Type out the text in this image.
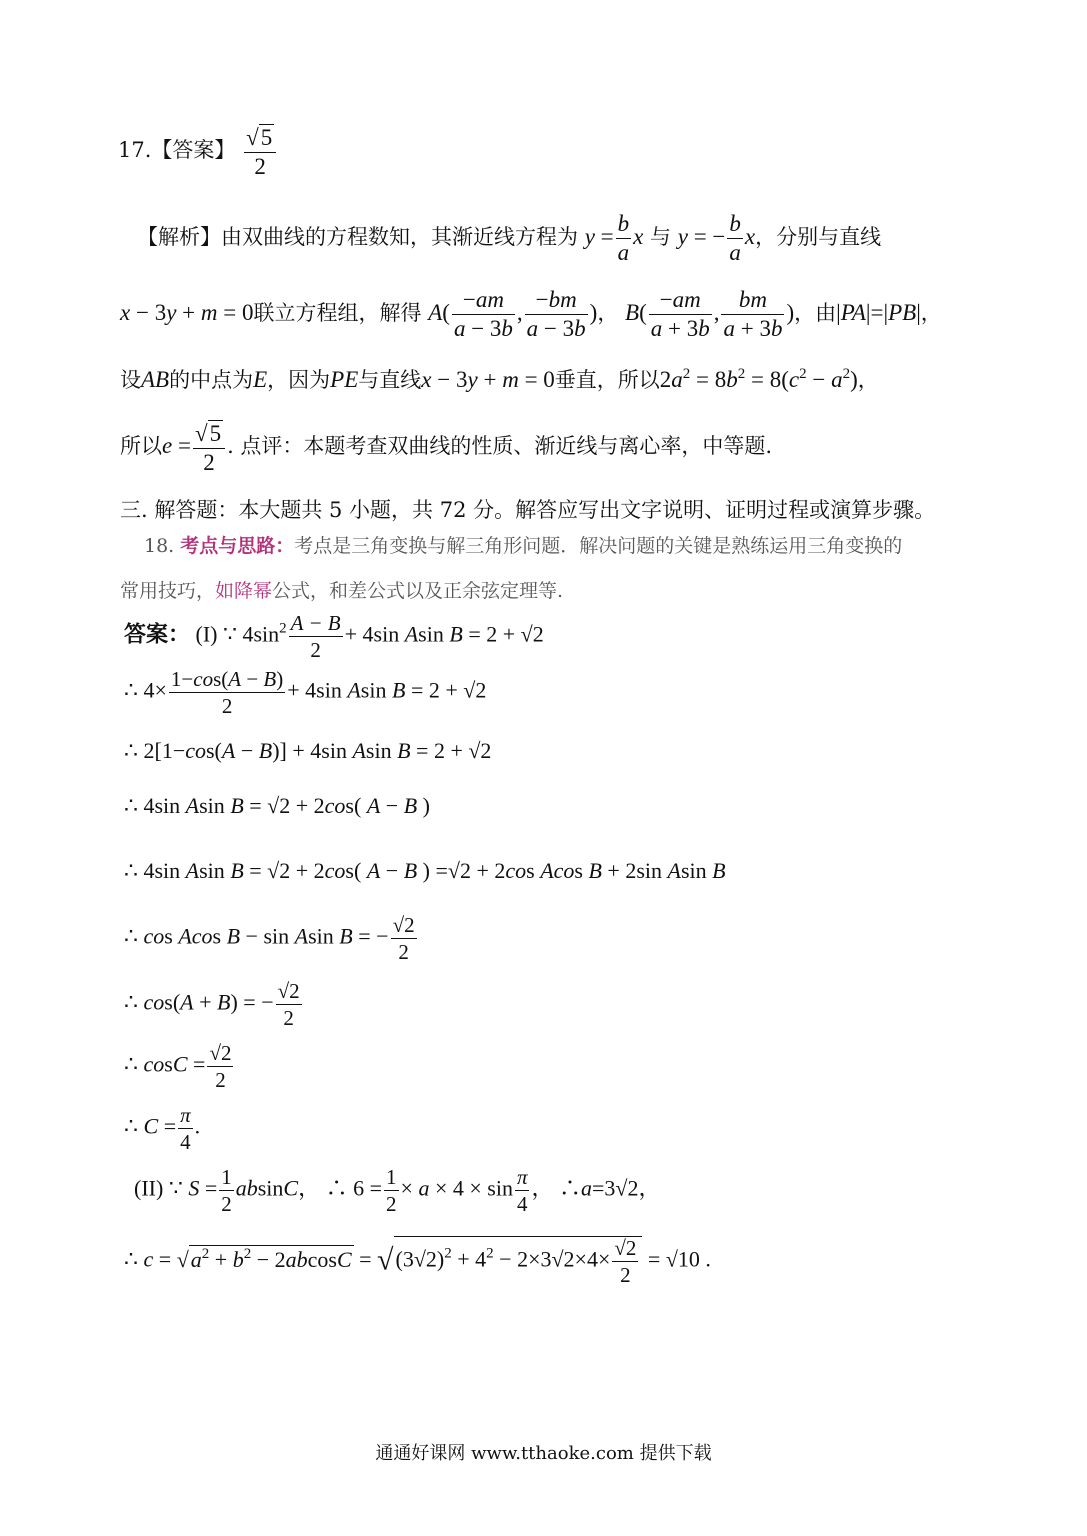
17.【答案】 $\frac{√5}{2}$
【解析】由双曲线的方程数知，其渐近线方程为 $y = \frac{b}{a}$ x 与 y = − $\frac{b}{a}$ x，分别与直线
x − 3y + m = 0联立方程组，解得 $A( \frac{-am}{a - 3b}$ , $\frac{-bm}{a - 3b}$ )， $B( \frac{-am}{a + 3b}$ , $\frac{bm}{a + 3b}$ )，由|PA|=|PB|，
设AB的中点为E，因为PE与直线x − 3y + m = 0垂直，所以$2a^2 = 8b^2 = 8(c^2 - a^2)$，
所以$e = \frac{√5}{2}$ . 点评：本题考查双曲线的性质、渐近线与离心率，中等题.
三. 解答题：本大题共 5 小题，共 72 分。解答应写出文字说明、证明过程或演算步骤。
18. 考点与思路：考点是三角变换与解三角形问题．解决问题的关键是熟练运用三角变换的
常用技巧，如降幂公式，和差公式以及正余弦定理等.
答案： (I) ∵ $4\sin^2 \frac{A - B}{2} + 4\sin$ Asin B = 2 + √2
∴ $4\times \frac{1-\cos(A - B)}{2} + 4\sin$ Asin B = 2 + √2
∴ 2[1−cos(A − B)] + 4sin Asin B = 2 + √2
∴ 4sin Asin B = √2 + 2cos( A − B )
∴ 4sin Asin B = √2 + 2cos( A − B ) =√2 + 2cos Acos B + 2sin Asin B
∴ cos Acos B − sin Asin B = − $\frac{√2}{2}$
∴ cos(A + B) = − $\frac{√2}{2}$
∴ $\cos C = \frac{√2}{2}$
∴ $C = \frac{\pi}{4}$ .
(II) ∵ $S = \frac{1}{2}$ absinC， ∴ $6 = \frac{1}{2} \times a \times 4 \times \sin \frac{\pi}{4}$ ， ∴a=3√2，
∴ $c = √a^2 + b^2 - 2abcosC = √(3√2)^2 + 4^2 - 2\times 3√2\times 4\times \frac{√2}{2} = √10$ .
通通好课网 www.tthaoke.com 提供下载
